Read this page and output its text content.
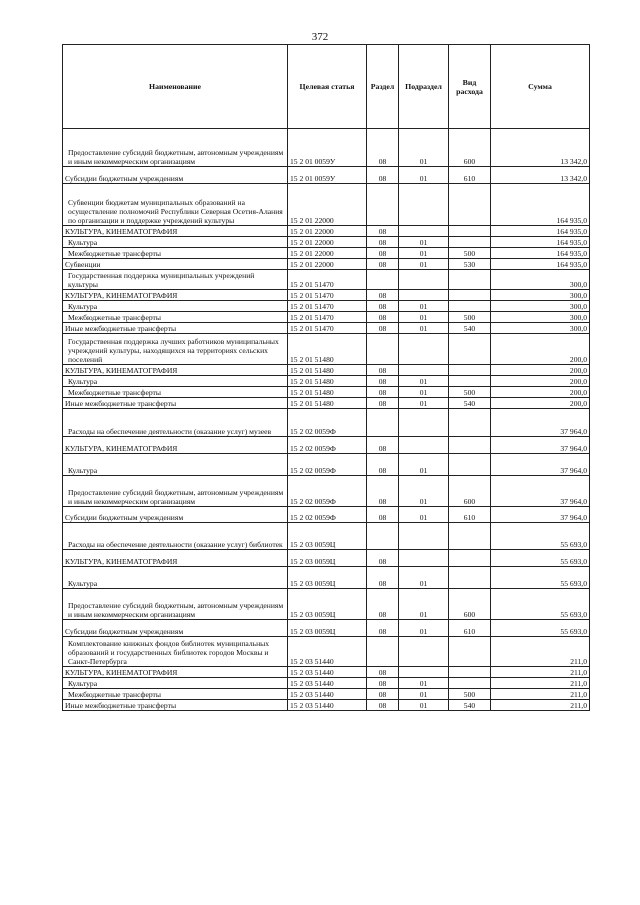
372
Наименование	Целевая статья	Раздел	Подраздел	Вид расхода	Сумма
Предоставление субсидий бюджетным, автономным учреждениям и иным некоммерческим организациям	15 2 01 0059У	08	01	600	13 342,0
Субсидии бюджетным учреждениям	15 2 01 0059У	08	01	610	13 342,0
Субвенции бюджетам муниципальных образований на осуществление полномочий Республики Северная Осетия-Алания по организации и поддержке учреждений культуры	15 2 01 22000				164 935,0
КУЛЬТУРА, КИНЕМАТОГРАФИЯ	15 2 01 22000	08			164 935,0
Культура	15 2 01 22000	08	01		164 935,0
Межбюджетные трансферты	15 2 01 22000	08	01	500	164 935,0
Субвенции	15 2 01 22000	08	01	530	164 935,0
Государственная поддержка муниципальных учреждений культуры	15 2 01 51470				300,0
КУЛЬТУРА, КИНЕМАТОГРАФИЯ	15 2 01 51470	08			300,0
Культура	15 2 01 51470	08	01		300,0
Межбюджетные трансферты	15 2 01 51470	08	01	500	300,0
Иные межбюджетные трансферты	15 2 01 51470	08	01	540	300,0
Государственная поддержка лучших работников муниципальных учреждений культуры, находящихся на территориях сельских поселений	15 2 01 51480				200,0
КУЛЬТУРА, КИНЕМАТОГРАФИЯ	15 2 01 51480	08			200,0
Культура	15 2 01 51480	08	01		200,0
Межбюджетные трансферты	15 2 01 51480	08	01	500	200,0
Иные межбюджетные трансферты	15 2 01 51480	08	01	540	200,0
Расходы на обеспечение деятельности (оказание услуг) музеев	15 2 02 0059Ф				37 964,0
КУЛЬТУРА, КИНЕМАТОГРАФИЯ	15 2 02 0059Ф	08			37 964,0
Культура	15 2 02 0059Ф	08	01		37 964,0
Предоставление субсидий бюджетным, автономным учреждениям и иным некоммерческим организациям	15 2 02 0059Ф	08	01	600	37 964,0
Субсидии бюджетным учреждениям	15 2 02 0059Ф	08	01	610	37 964,0
Расходы на обеспечение деятельности (оказание услуг) библиотек	15 2 03 0059Ц				55 693,0
КУЛЬТУРА, КИНЕМАТОГРАФИЯ	15 2 03 0059Ц	08			55 693,0
Культура	15 2 03 0059Ц	08	01		55 693,0
Предоставление субсидий бюджетным, автономным учреждениям и иным некоммерческим организациям	15 2 03 0059Ц	08	01	600	55 693,0
Субсидии бюджетным учреждениям	15 2 03 0059Ц	08	01	610	55 693,0
Комплектование книжных фондов библиотек муниципальных образований и государственных библиотек городов Москвы и Санкт-Петербурга	15 2 03 51440				211,0
КУЛЬТУРА, КИНЕМАТОГРАФИЯ	15 2 03 51440	08			211,0
Культура	15 2 03 51440	08	01		211,0
Межбюджетные трансферты	15 2 03 51440	08	01	500	211,0
Иные межбюджетные трансферты	15 2 03 51440	08	01	540	211,0
